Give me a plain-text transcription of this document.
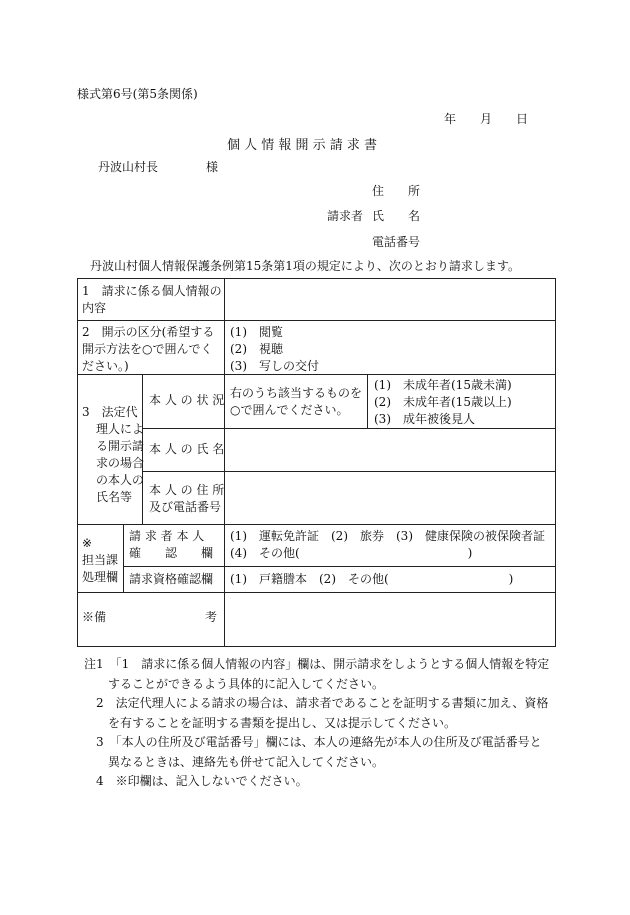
様式第6号(第5条関係)
年 月 日
個 人 情 報 開 示 請 求 書
丹波山村長	様
住　　所
請求者 氏　　名
電話番号
丹波山村個人情報保護条例第15条第1項の規定により、次のとおり請求します。
1　請求に係る個人情報の
内容
2　開示の区分(希望する
開示方法を○で囲んでく
ださい。)
(1)　閲覧
(2)　視聴
(3)　写しの交付
3　法定代
理人によ
る開示請
求の場合
の本人の
氏名等
本 人 の 状 況 右のうち該当するものを
○で囲んでください。
(1)　未成年者(15歳未満)
(2)　未成年者(15歳以上)
(3)　成年被後見人
本 人 の 氏 名
本 人 の 住 所
及び電話番号
※
担当課
処理欄
請 求 者 本 人
確　　認　　欄
(1)　運転免許証　(2)　旅券　(3)　健康保険の被保険者証
(4)　その他(　　　　　　　　　　　　　　)
請求資格確認欄 (1)　戸籍謄本　(2)　その他(　　　　　　　　　　)
※備	考
注1　「1　請求に係る個人情報の内容」欄は、開示請求をしようとする個人情報を特定
　　することができるよう具体的に記入してください。
　2　法定代理人による請求の場合は、請求者であることを証明する書類に加え、資格
　　を有することを証明する書類を提出し、又は提示してください。
　3　「本人の住所及び電話番号」欄には、本人の連絡先が本人の住所及び電話番号と
　　異なるときは、連絡先も併せて記入してください。
　4　※印欄は、記入しないでください。
